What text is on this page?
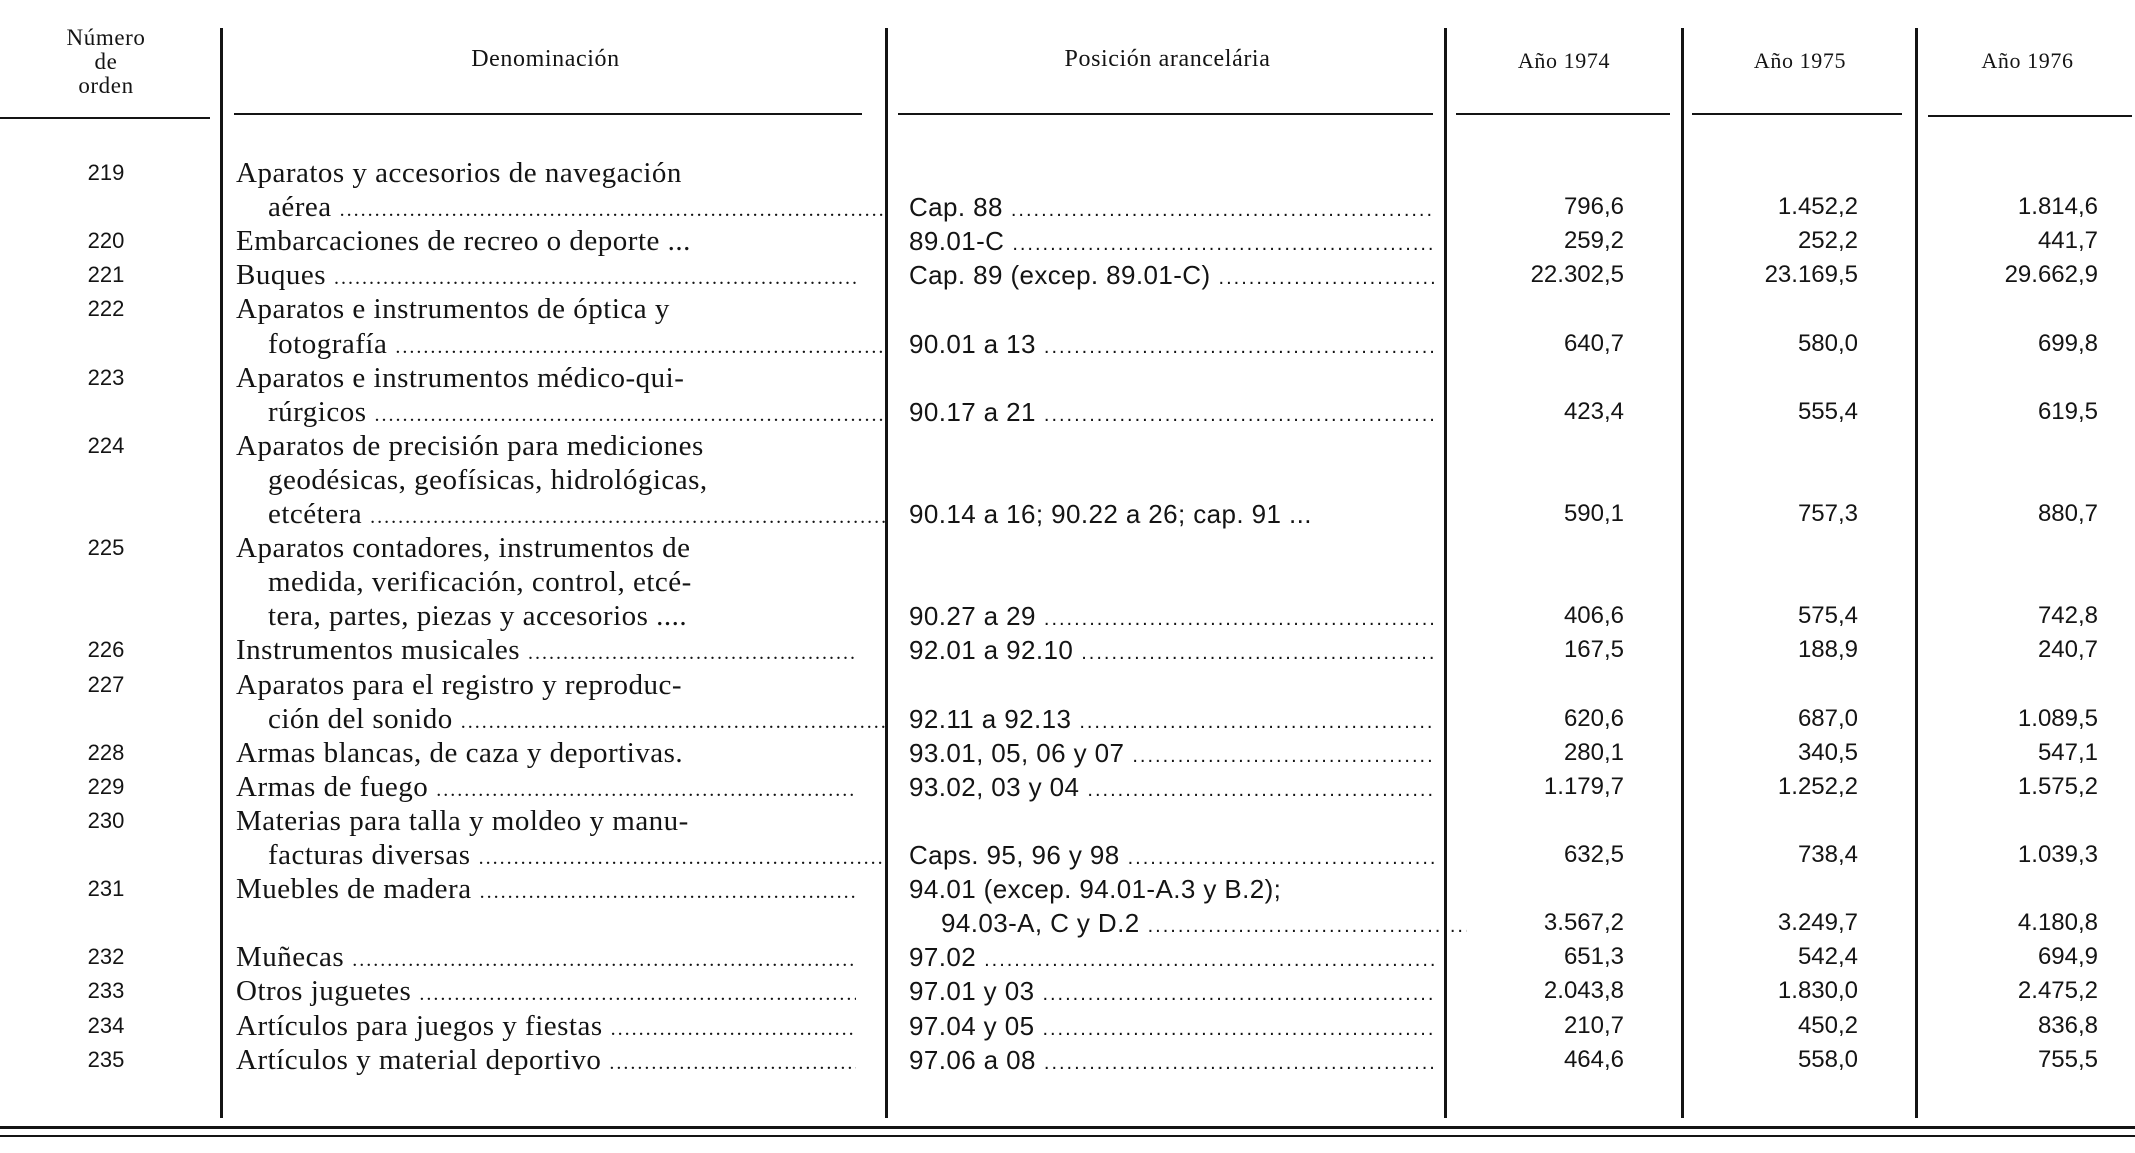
Número
de
orden
Denominación	Posición arancelária	Año 1974	Año 1975	Año 1976
219	Aparatos y accesorios de navegación
aérea .....	Cap. 88 .....	796,6	1.452,2	1.814,6
220	Embarcaciones de recreo o deporte ...	89.01-C .....	259,2	252,2	441,7
221	Buques .....	Cap. 89 (excep. 89.01-C) .....	22.302,5	23.169,5	29.662,9
222	Aparatos e instrumentos de óptica y
fotografía .....	90.01 a 13 .....	640,7	580,0	699,8
223	Aparatos e instrumentos médico-qui-
rúrgicos .....	90.17 a 21 .....	423,4	555,4	619,5
224	Aparatos de precisión para mediciones
geodésicas, geofísicas, hidrológicas,
etcétera .....	90.14 a 16; 90.22 a 26; cap. 91 ...	590,1	757,3	880,7
225	Aparatos contadores, instrumentos de
medida, verificación, control, etcé-
tera, partes, piezas y accesorios ....	90.27 a 29 .....	406,6	575,4	742,8
226	Instrumentos musicales .....	92.01 a 92.10 .....	167,5	188,9	240,7
227	Aparatos para el registro y reproduc-
ción del sonido .....	92.11 a 92.13 .....	620,6	687,0	1.089,5
228	Armas blancas, de caza y deportivas.	93.01, 05, 06 y 07 .....	280,1	340,5	547,1
229	Armas de fuego .....	93.02, 03 y 04 .....	1.179,7	1.252,2	1.575,2
230	Materias para talla y moldeo y manu-
facturas diversas .....	Caps. 95, 96 y 98 .....	632,5	738,4	1.039,3
231	Muebles de madera .....	94.01 (excep. 94.01-A.3 y B.2);
94.03-A, C y D.2 .....	3.567,2	3.249,7	4.180,8
232	Muñecas .....	97.02 .....	651,3	542,4	694,9
233	Otros juguetes .....	97.01 y 03 .....	2.043,8	1.830,0	2.475,2
234	Artículos para juegos y fiestas .....	97.04 y 05 .....	210,7	450,2	836,8
235	Artículos y material deportivo .....	97.06 a 08 .....	464,6	558,0	755,5
